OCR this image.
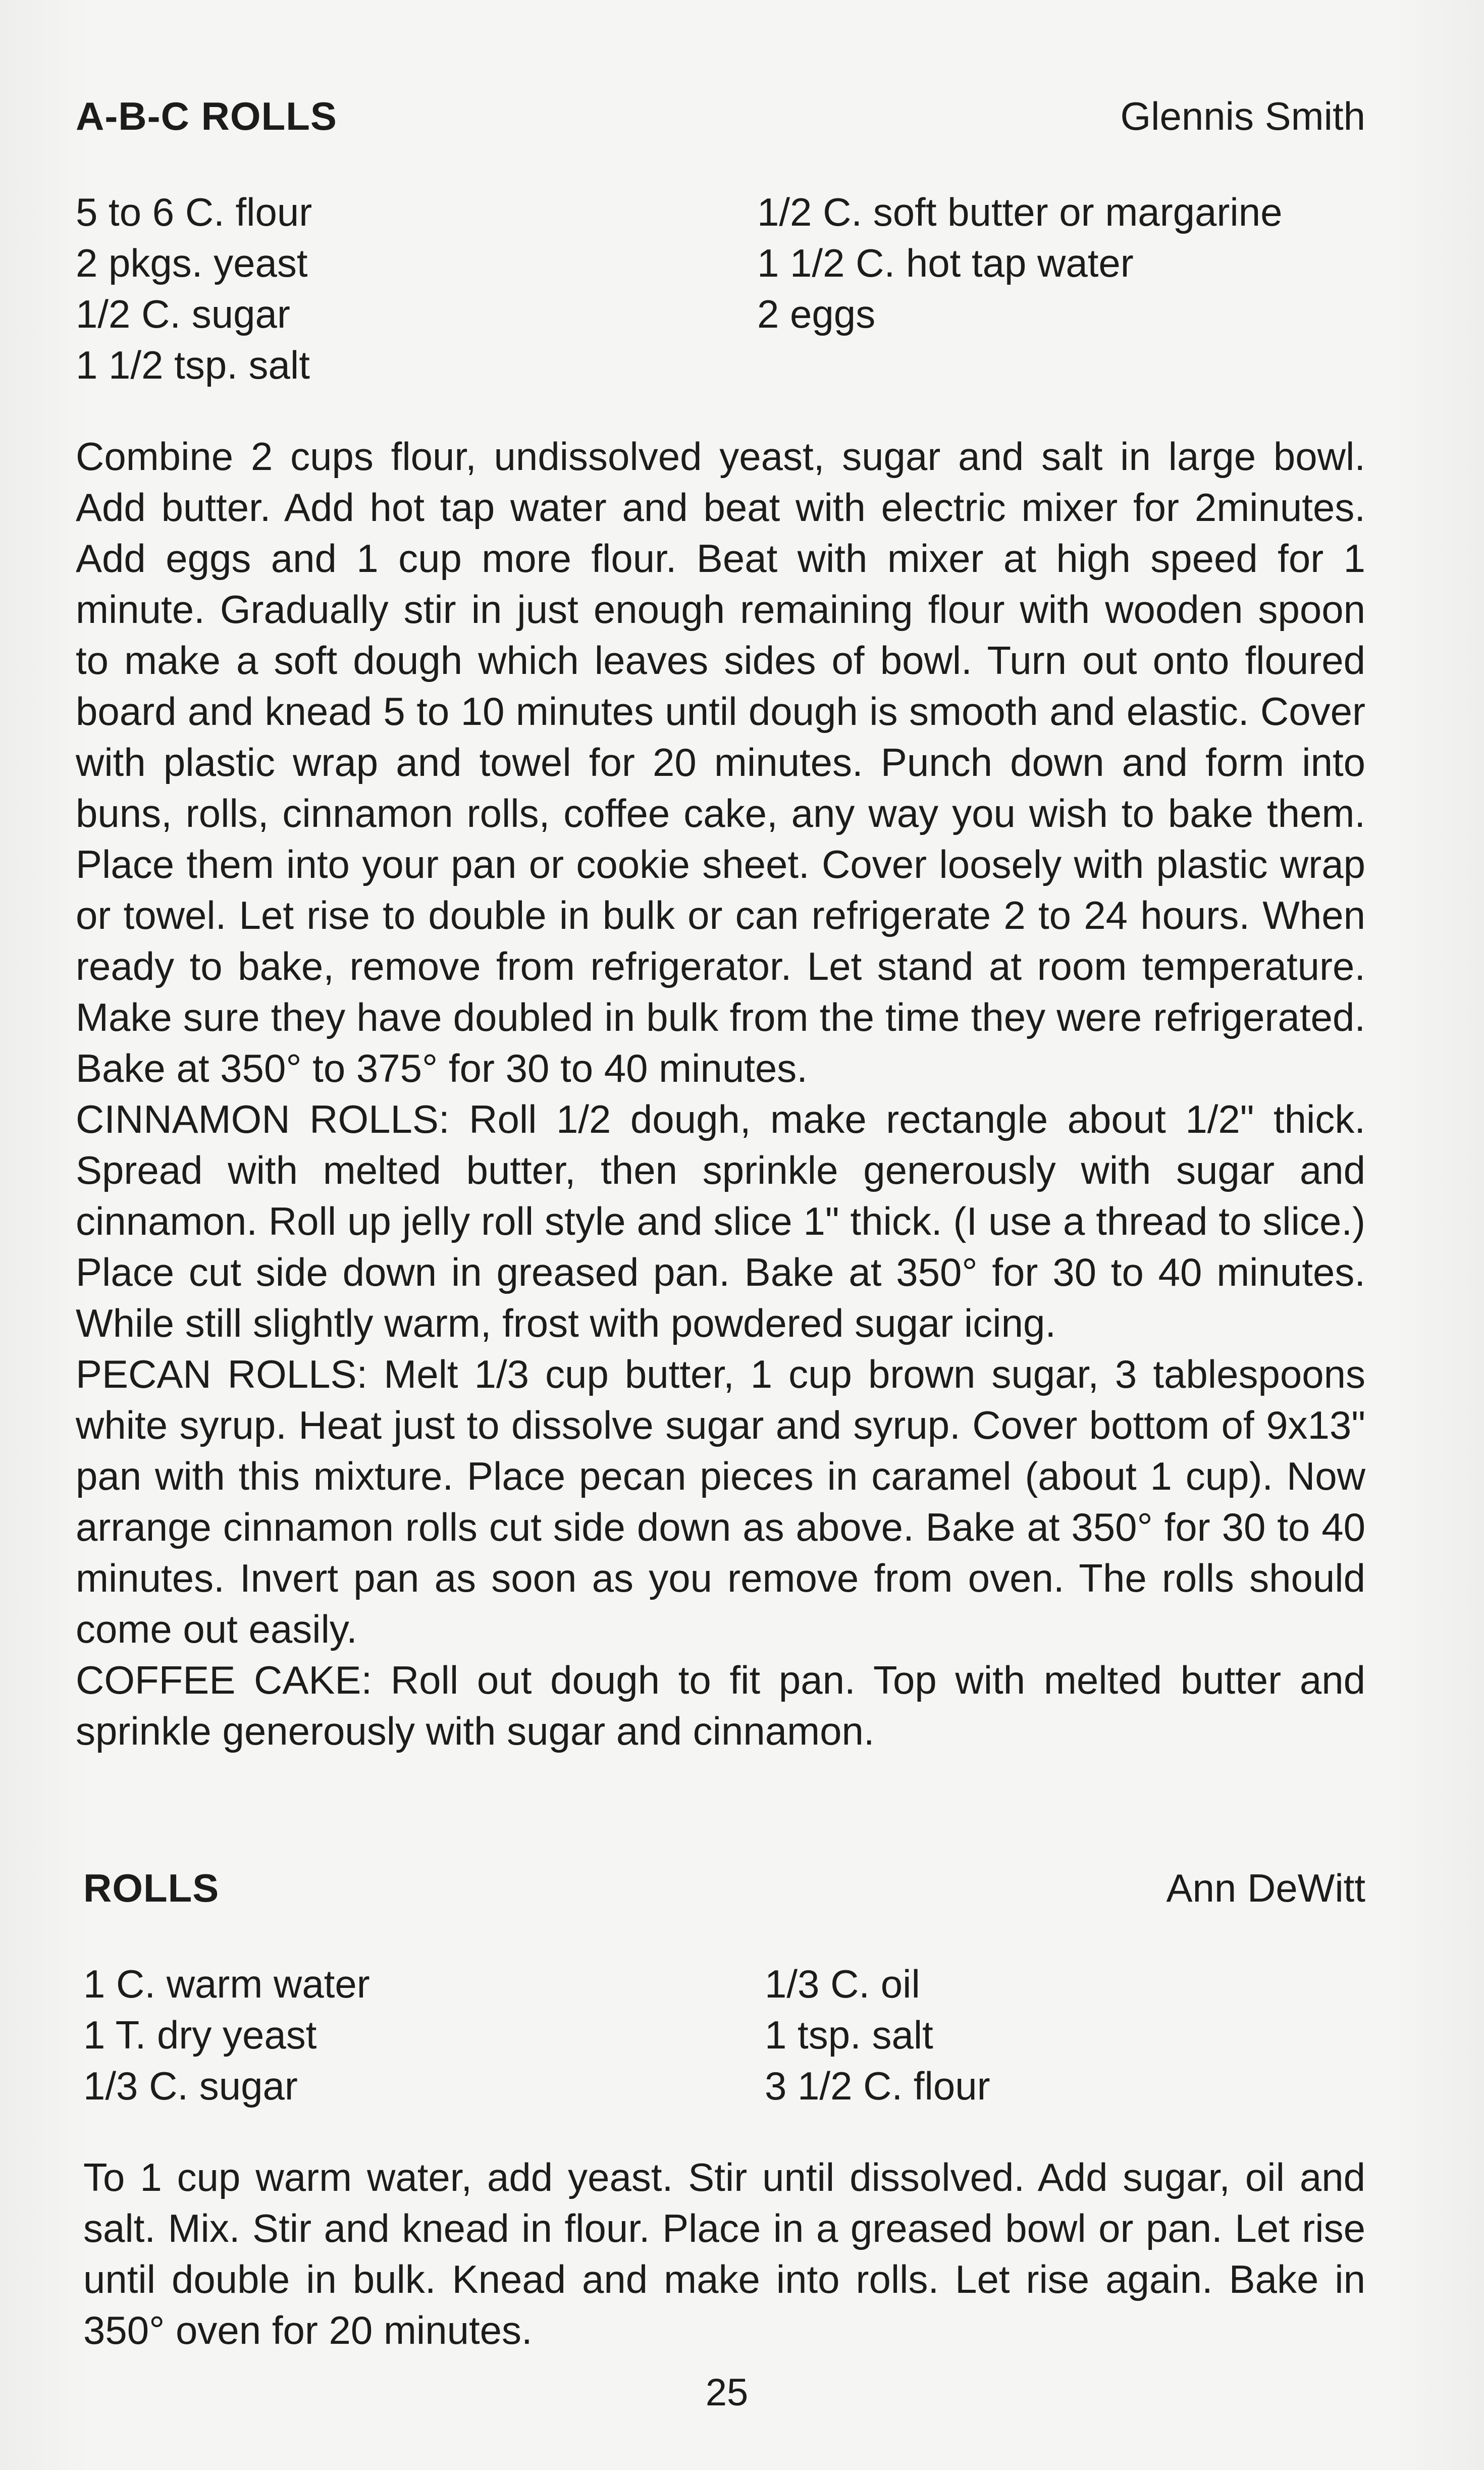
A-B-C ROLLS	Glennis Smith
5 to 6 C. flour
2 pkgs. yeast
1/2 C. sugar
1 1/2 tsp. salt
1/2 C. soft butter or margarine
1 1/2 C. hot tap water
2 eggs

Combine 2 cups flour, undissolved yeast, sugar and salt in large bowl. Add butter. Add hot tap water and beat with electric mixer for 2minutes. Add eggs and 1 cup more flour. Beat with mixer at high speed for 1 minute. Gradually stir in just enough remaining flour with wooden spoon to make a soft dough which leaves sides of bowl. Turn out onto floured board and knead 5 to 10 minutes until dough is smooth and elastic. Cover with plastic wrap and towel for 20 minutes. Punch down and form into buns, rolls, cinnamon rolls, coffee cake, any way you wish to bake them. Place them into your pan or cookie sheet. Cover loosely with plastic wrap or towel. Let rise to double in bulk or can refrigerate 2 to 24 hours. When ready to bake, remove from refrigerator. Let stand at room temperature. Make sure they have doubled in bulk from the time they were refrigerated. Bake at 350° to 375° for 30 to 40 minutes.

CINNAMON ROLLS: Roll 1/2 dough, make rectangle about 1/2" thick. Spread with melted butter, then sprinkle generously with sugar and cinnamon. Roll up jelly roll style and slice 1" thick. (I use a thread to slice.) Place cut side down in greased pan. Bake at 350° for 30 to 40 minutes. While still slightly warm, frost with powdered sugar icing.

PECAN ROLLS: Melt 1/3 cup butter, 1 cup brown sugar, 3 tablespoons white syrup. Heat just to dissolve sugar and syrup. Cover bottom of 9x13" pan with this mixture. Place pecan pieces in caramel (about 1 cup). Now arrange cinnamon rolls cut side down as above. Bake at 350° for 30 to 40 minutes. Invert pan as soon as you remove from oven. The rolls should come out easily.

COFFEE CAKE: Roll out dough to fit pan. Top with melted butter and sprinkle generously with sugar and cinnamon.

ROLLS	Ann DeWitt
1 C. warm water
1 T. dry yeast
1/3 C. sugar
1/3 C. oil
1 tsp. salt
3 1/2 C. flour

To 1 cup warm water, add yeast. Stir until dissolved. Add sugar, oil and salt. Mix. Stir and knead in flour. Place in a greased bowl or pan. Let rise until double in bulk. Knead and make into rolls. Let rise again. Bake in 350° oven for 20 minutes.

25
